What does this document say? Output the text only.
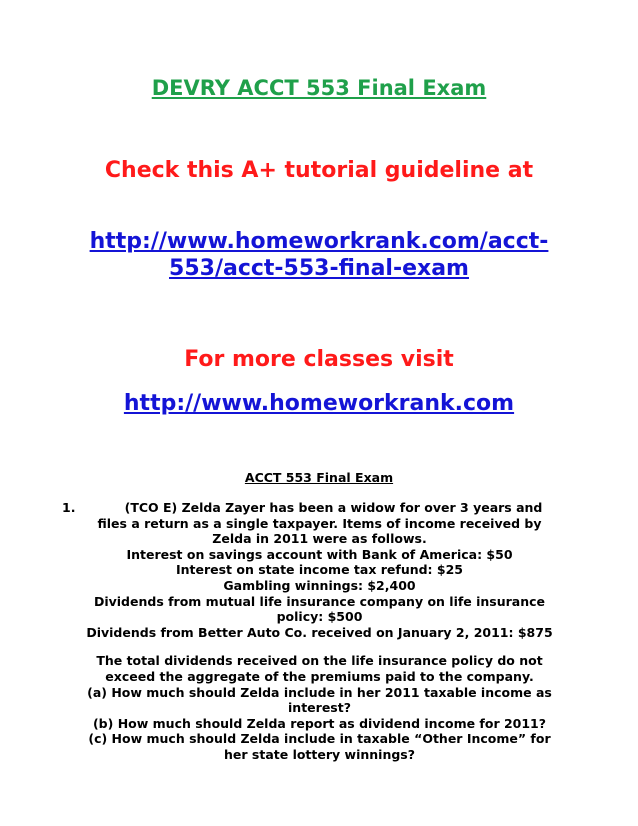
DEVRY ACCT 553 Final Exam
Check this A+ tutorial guideline at
http://www.homeworkrank.com/acct-
553/acct-553-final-exam
For more classes visit
http://www.homeworkrank.com
ACCT 553 Final Exam
1.	(TCO E) Zelda Zayer has been a widow for over 3 years and
files a return as a single taxpayer. Items of income received by
Zelda in 2011 were as follows.
Interest on savings account with Bank of America: $50
Interest on state income tax refund: $25
Gambling winnings: $2,400
Dividends from mutual life insurance company on life insurance
policy: $500
Dividends from Better Auto Co. received on January 2, 2011: $875
The total dividends received on the life insurance policy do not
exceed the aggregate of the premiums paid to the company.
(a) How much should Zelda include in her 2011 taxable income as
interest?
(b) How much should Zelda report as dividend income for 2011?
(c) How much should Zelda include in taxable “Other Income” for
her state lottery winnings?
